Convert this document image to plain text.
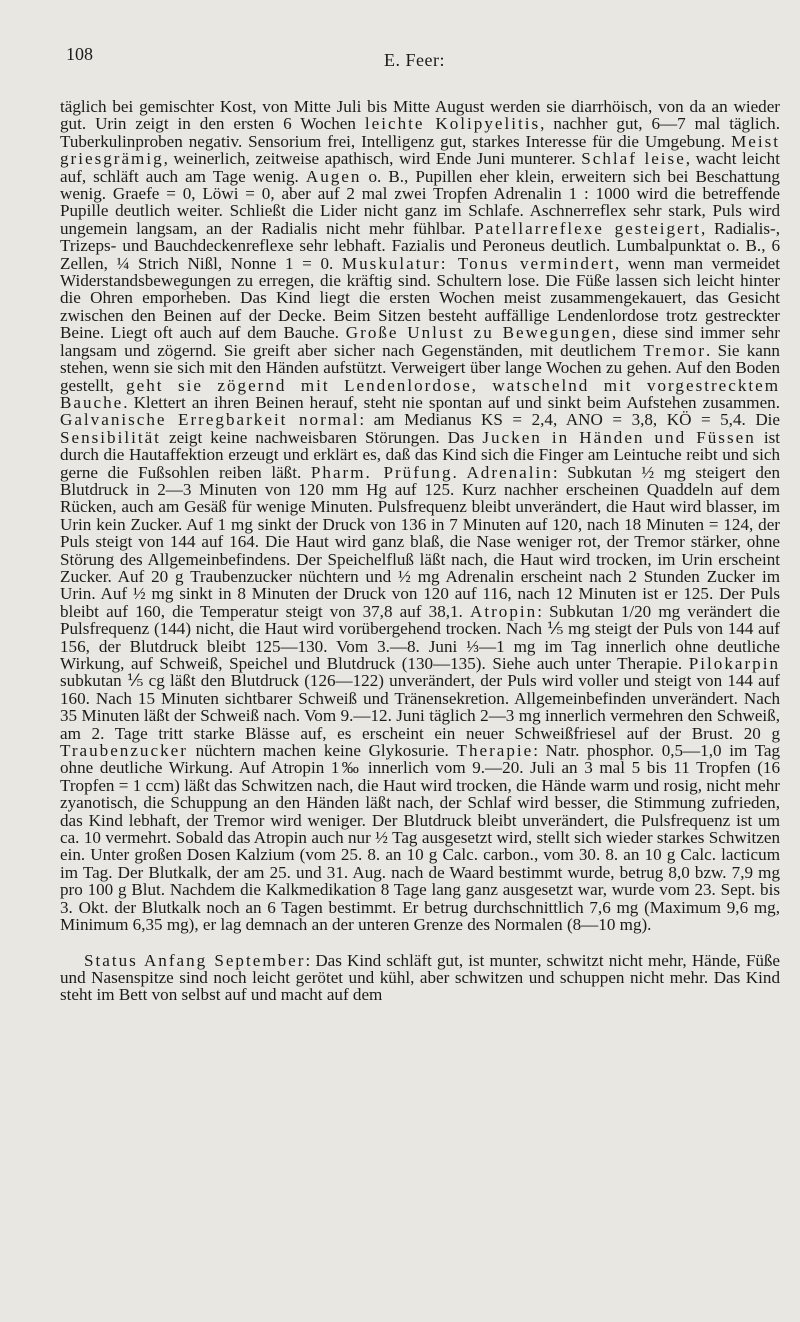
108	E. Feer:

täglich bei gemischter Kost, von Mitte Juli bis Mitte August werden sie diarrhöisch, von da an wieder gut. Urin zeigt in den ersten 6 Wochen leichte Kolipyelitis, nachher gut, 6—7 mal täglich. Tuberkulinproben negativ. Sensorium frei, Intelligenz gut, starkes Interesse für die Umgebung. Meist griesgrämig, weinerlich, zeitweise apathisch, wird Ende Juni munterer. Schlaf leise, wacht leicht auf, schläft auch am Tage wenig. Augen o. B., Pupillen eher klein, erweitern sich bei Beschattung wenig. Graefe = 0, Löwi = 0, aber auf 2 mal zwei Tropfen Adrenalin 1 : 1000 wird die betreffende Pupille deutlich weiter. Schließt die Lider nicht ganz im Schlafe. Aschnerreflex sehr stark, Puls wird ungemein langsam, an der Radialis nicht mehr fühlbar. Patellarreflexe gesteigert, Radialis-, Trizeps- und Bauchdeckenreflexe sehr lebhaft. Fazialis und Peroneus deutlich. Lumbalpunktat o. B., 6 Zellen, ¼ Strich Nißl, Nonne 1 = 0. Muskulatur: Tonus vermindert, wenn man vermeidet Widerstandsbewegungen zu erregen, die kräftig sind. Schultern lose. Die Füße lassen sich leicht hinter die Ohren emporheben. Das Kind liegt die ersten Wochen meist zusammengekauert, das Gesicht zwischen den Beinen auf der Decke. Beim Sitzen besteht auffällige Lendenlordose trotz gestreckter Beine. Liegt oft auch auf dem Bauche. Große Unlust zu Bewegungen, diese sind immer sehr langsam und zögernd. Sie greift aber sicher nach Gegenständen, mit deutlichem Tremor. Sie kann stehen, wenn sie sich mit den Händen aufstützt. Verweigert über lange Wochen zu gehen. Auf den Boden gestellt, geht sie zögernd mit Lendenlordose, watschelnd mit vorgestrecktem Bauche. Klettert an ihren Beinen herauf, steht nie spontan auf und sinkt beim Aufstehen zusammen. Galvanische Erregbarkeit normal: am Medianus KS = 2,4, ANO = 3,8, KÖ = 5,4. Die Sensibilität zeigt keine nachweisbaren Störungen. Das Jucken in Händen und Füssen ist durch die Hautaffektion erzeugt und erklärt es, daß das Kind sich die Finger am Leintuche reibt und sich gerne die Fußsohlen reiben läßt. Pharm. Prüfung. Adrenalin: Subkutan ½ mg steigert den Blutdruck in 2—3 Minuten von 120 mm Hg auf 125. Kurz nachher erscheinen Quaddeln auf dem Rücken, auch am Gesäß für wenige Minuten. Pulsfrequenz bleibt unverändert, die Haut wird blasser, im Urin kein Zucker. Auf 1 mg sinkt der Druck von 136 in 7 Minuten auf 120, nach 18 Minuten = 124, der Puls steigt von 144 auf 164. Die Haut wird ganz blaß, die Nase weniger rot, der Tremor stärker, ohne Störung des Allgemeinbefindens. Der Speichelfluß läßt nach, die Haut wird trocken, im Urin erscheint Zucker. Auf 20 g Traubenzucker nüchtern und ½ mg Adrenalin erscheint nach 2 Stunden Zucker im Urin. Auf ½ mg sinkt in 8 Minuten der Druck von 120 auf 116, nach 12 Minuten ist er 125. Der Puls bleibt auf 160, die Temperatur steigt von 37,8 auf 38,1. Atropin: Subkutan 1/20 mg verändert die Pulsfrequenz (144) nicht, die Haut wird vorübergehend trocken. Nach ⅕ mg steigt der Puls von 144 auf 156, der Blutdruck bleibt 125—130. Vom 3.—8. Juni ⅓—1 mg im Tag innerlich ohne deutliche Wirkung, auf Schweiß, Speichel und Blutdruck (130—135). Siehe auch unter Therapie. Pilokarpin subkutan ⅕ cg läßt den Blutdruck (126—122) unverändert, der Puls wird voller und steigt von 144 auf 160. Nach 15 Minuten sichtbarer Schweiß und Tränensekretion. Allgemeinbefinden unverändert. Nach 35 Minuten läßt der Schweiß nach. Vom 9.—12. Juni täglich 2—3 mg innerlich vermehren den Schweiß, am 2. Tage tritt starke Blässe auf, es erscheint ein neuer Schweißfriesel auf der Brust. 20 g Traubenzucker nüchtern machen keine Glykosurie. Therapie: Natr. phosphor. 0,5—1,0 im Tag ohne deutliche Wirkung. Auf Atropin 1‰ innerlich vom 9.—20. Juli an 3 mal 5 bis 11 Tropfen (16 Tropfen = 1 ccm) läßt das Schwitzen nach, die Haut wird trocken, die Hände warm und rosig, nicht mehr zyanotisch, die Schuppung an den Händen läßt nach, der Schlaf wird besser, die Stimmung zufrieden, das Kind lebhaft, der Tremor wird weniger. Der Blutdruck bleibt unverändert, die Pulsfrequenz ist um ca. 10 vermehrt. Sobald das Atropin auch nur ½ Tag ausgesetzt wird, stellt sich wieder starkes Schwitzen ein. Unter großen Dosen Kalzium (vom 25. 8. an 10 g Calc. carbon., vom 30. 8. an 10 g Calc. lacticum im Tag. Der Blutkalk, der am 25. und 31. Aug. nach de Waard bestimmt wurde, betrug 8,0 bzw. 7,9 mg pro 100 g Blut. Nachdem die Kalkmedikation 8 Tage lang ganz ausgesetzt war, wurde vom 23. Sept. bis 3. Okt. der Blutkalk noch an 6 Tagen bestimmt. Er betrug durchschnittlich 7,6 mg (Maximum 9,6 mg, Minimum 6,35 mg), er lag demnach an der unteren Grenze des Normalen (8—10 mg).

Status Anfang September: Das Kind schläft gut, ist munter, schwitzt nicht mehr, Hände, Füße und Nasenspitze sind noch leicht gerötet und kühl, aber schwitzen und schuppen nicht mehr. Das Kind steht im Bett von selbst auf und macht auf dem
